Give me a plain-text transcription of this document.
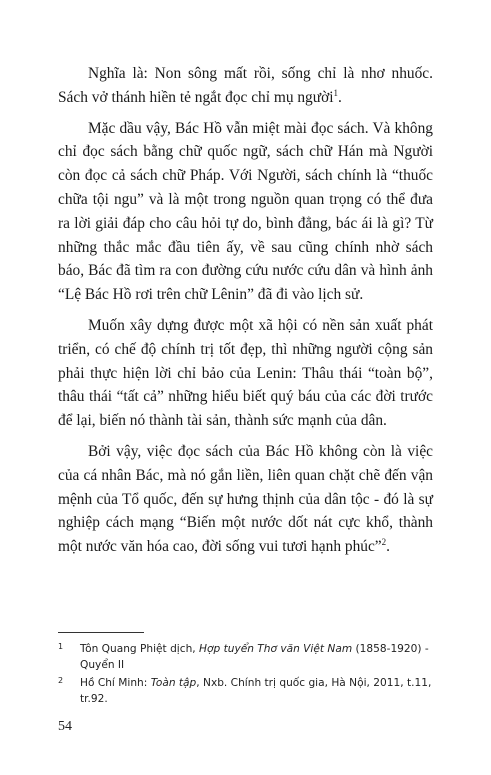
Nghĩa là: Non sông mất rồi, sống chỉ là nhơ nhuốc. Sách vở thánh hiền tẻ ngắt đọc chỉ mụ người$^1$.

Mặc dầu vậy, Bác Hồ vẫn miệt mài đọc sách. Và không chỉ đọc sách bằng chữ quốc ngữ, sách chữ Hán mà Người còn đọc cả sách chữ Pháp. Với Người, sách chính là “thuốc chữa tội ngu” và là một trong nguồn quan trọng có thể đưa ra lời giải đáp cho câu hỏi tự do, bình đẳng, bác ái là gì? Từ những thắc mắc đầu tiên ấy, về sau cũng chính nhờ sách báo, Bác đã tìm ra con đường cứu nước cứu dân và hình ảnh “Lệ Bác Hồ rơi trên chữ Lênin” đã đi vào lịch sử.

Muốn xây dựng được một xã hội có nền sản xuất phát triển, có chế độ chính trị tốt đẹp, thì những người cộng sản phải thực hiện lời chỉ bảo của Lenin: Thâu thái “toàn bộ”, thâu thái “tất cả” những hiểu biết quý báu của các đời trước để lại, biến nó thành tài sản, thành sức mạnh của dân.

Bởi vậy, việc đọc sách của Bác Hồ không còn là việc của cá nhân Bác, mà nó gắn liền, liên quan chặt chẽ đến vận mệnh của Tổ quốc, đến sự hưng thịnh của dân tộc - đó là sự nghiệp cách mạng “Biến một nước dốt nát cực khổ, thành một nước văn hóa cao, đời sống vui tươi hạnh phúc”$^2$.

1 Tôn Quang Phiệt dịch, Hợp tuyển Thơ văn Việt Nam (1858-1920) - Quyển II
2 Hồ Chí Minh: Toàn tập, Nxb. Chính trị quốc gia, Hà Nội, 2011, t.11, tr.92.
54
